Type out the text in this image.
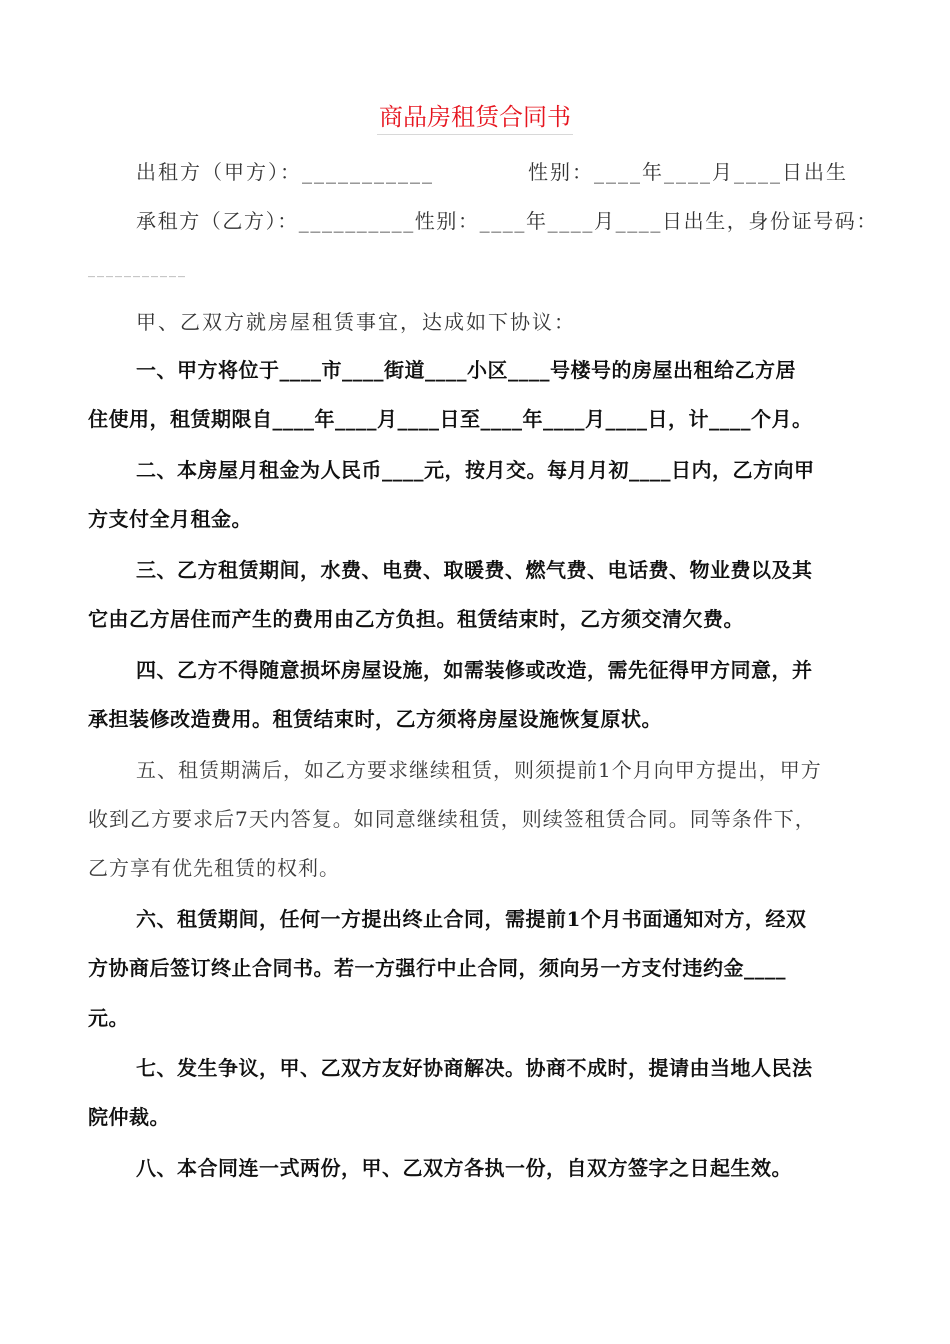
商品房租赁合同书
出租方（甲方）：___________	性别：____年____月____日出生
承租方（乙方）：__________性别：____年____月____日出生，身份证号码：
___________
甲、乙双方就房屋租赁事宜，达成如下协议：
一、甲方将位于____市____街道____小区____号楼号的房屋出租给乙方居
住使用，租赁期限自____年____月____日至____年____月____日，计____个月。
二、本房屋月租金为人民币____元，按月交。每月月初____日内，乙方向甲
方支付全月租金。
三、乙方租赁期间，水费、电费、取暖费、燃气费、电话费、物业费以及其
它由乙方居住而产生的费用由乙方负担。租赁结束时，乙方须交清欠费。
四、乙方不得随意损坏房屋设施，如需装修或改造，需先征得甲方同意，并
承担装修改造费用。租赁结束时，乙方须将房屋设施恢复原状。
五、租赁期满后，如乙方要求继续租赁，则须提前1个月向甲方提出，甲方
收到乙方要求后7天内答复。如同意继续租赁，则续签租赁合同。同等条件下，
乙方享有优先租赁的权利。
六、租赁期间，任何一方提出终止合同，需提前1个月书面通知对方，经双
方协商后签订终止合同书。若一方强行中止合同，须向另一方支付违约金____
元。
七、发生争议，甲、乙双方友好协商解决。协商不成时，提请由当地人民法
院仲裁。
八、本合同连一式两份，甲、乙双方各执一份，自双方签字之日起生效。
